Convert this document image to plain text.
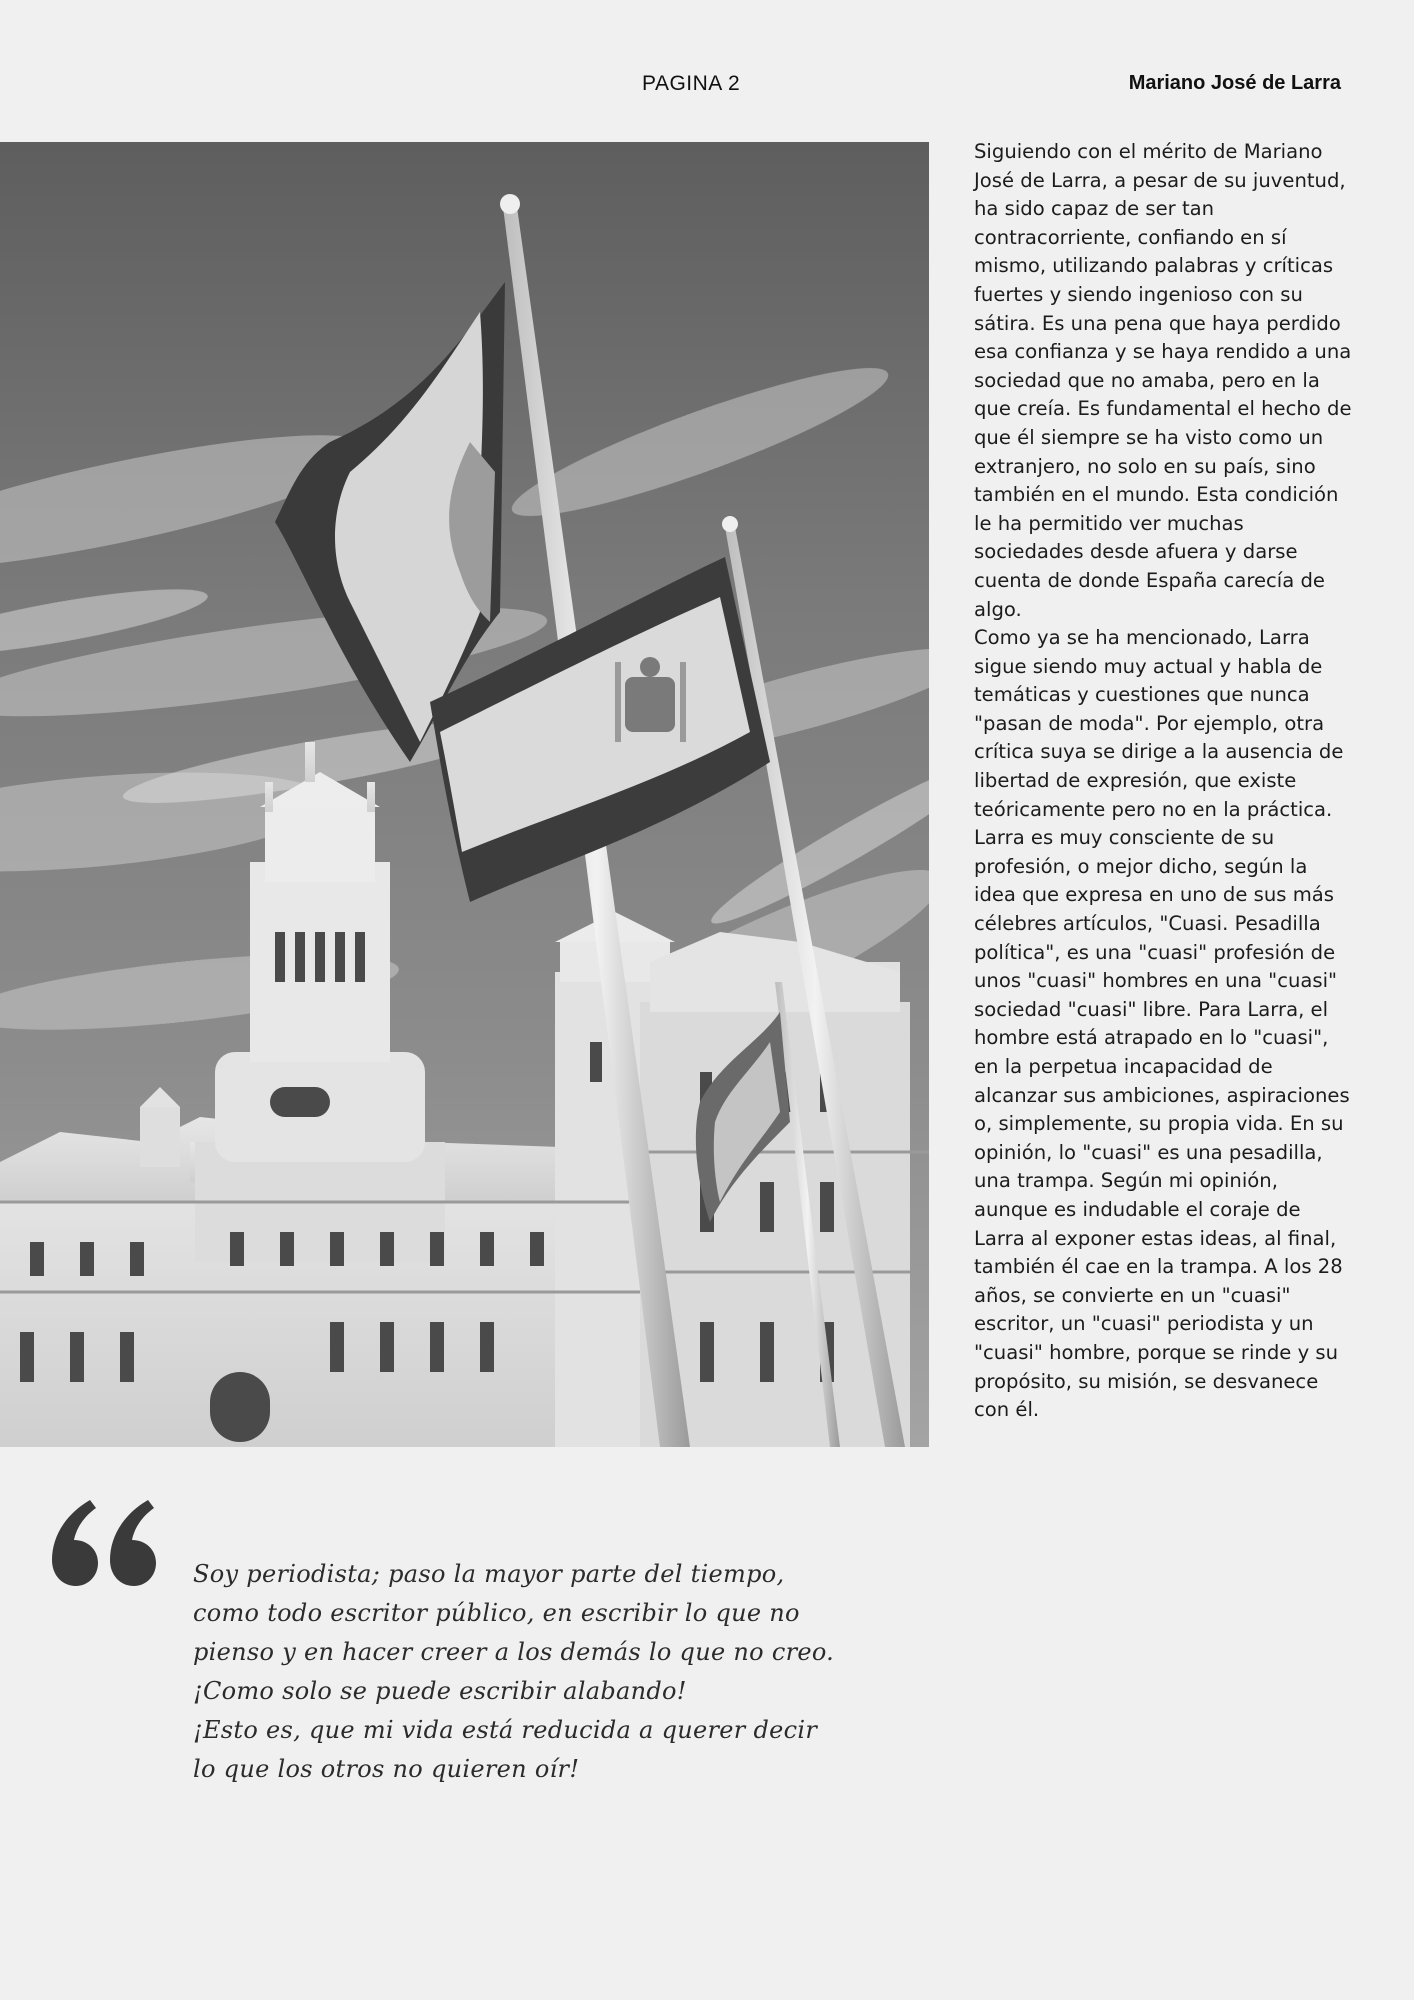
PAGINA 2	Mariano José de Larra

Siguiendo con el mérito de Mariano José de Larra, a pesar de su juventud, ha sido capaz de ser tan contracorriente, confiando en sí mismo, utilizando palabras y críticas fuertes y siendo ingenioso con su sátira. Es una pena que haya perdido esa confianza y se haya rendido a una sociedad que no amaba, pero en la que creía. Es fundamental el hecho de que él siempre se ha visto como un extranjero, no solo en su país, sino también en el mundo. Esta condición le ha permitido ver muchas sociedades desde afuera y darse cuenta de donde España carecía de algo.

Como ya se ha mencionado, Larra sigue siendo muy actual y habla de temáticas y cuestiones que nunca "pasan de moda". Por ejemplo, otra crítica suya se dirige a la ausencia de libertad de expresión, que existe teóricamente pero no en la práctica.

Larra es muy consciente de su profesión, o mejor dicho, según la idea que expresa en uno de sus más célebres artículos, "Cuasi. Pesadilla política", es una "cuasi" profesión de unos "cuasi" hombres en una "cuasi" sociedad "cuasi" libre. Para Larra, el hombre está atrapado en lo "cuasi", en la perpetua incapacidad de alcanzar sus ambiciones, aspiraciones o, simplemente, su propia vida. En su opinión, lo "cuasi" es una pesadilla, una trampa. Según mi opinión, aunque es indudable el coraje de Larra al exponer estas ideas, al final, también él cae en la trampa. A los 28 años, se convierte en un "cuasi" escritor, un "cuasi" periodista y un "cuasi" hombre, porque se rinde y su propósito, su misión, se desvanece con él.

Soy periodista; paso la mayor parte del tiempo,

como todo escritor público, en escribir lo que no

pienso y en hacer creer a los demás lo que no creo.

¡Como solo se puede escribir alabando!

¡Esto es, que mi vida está reducida a querer decir

lo que los otros no quieren oír!
